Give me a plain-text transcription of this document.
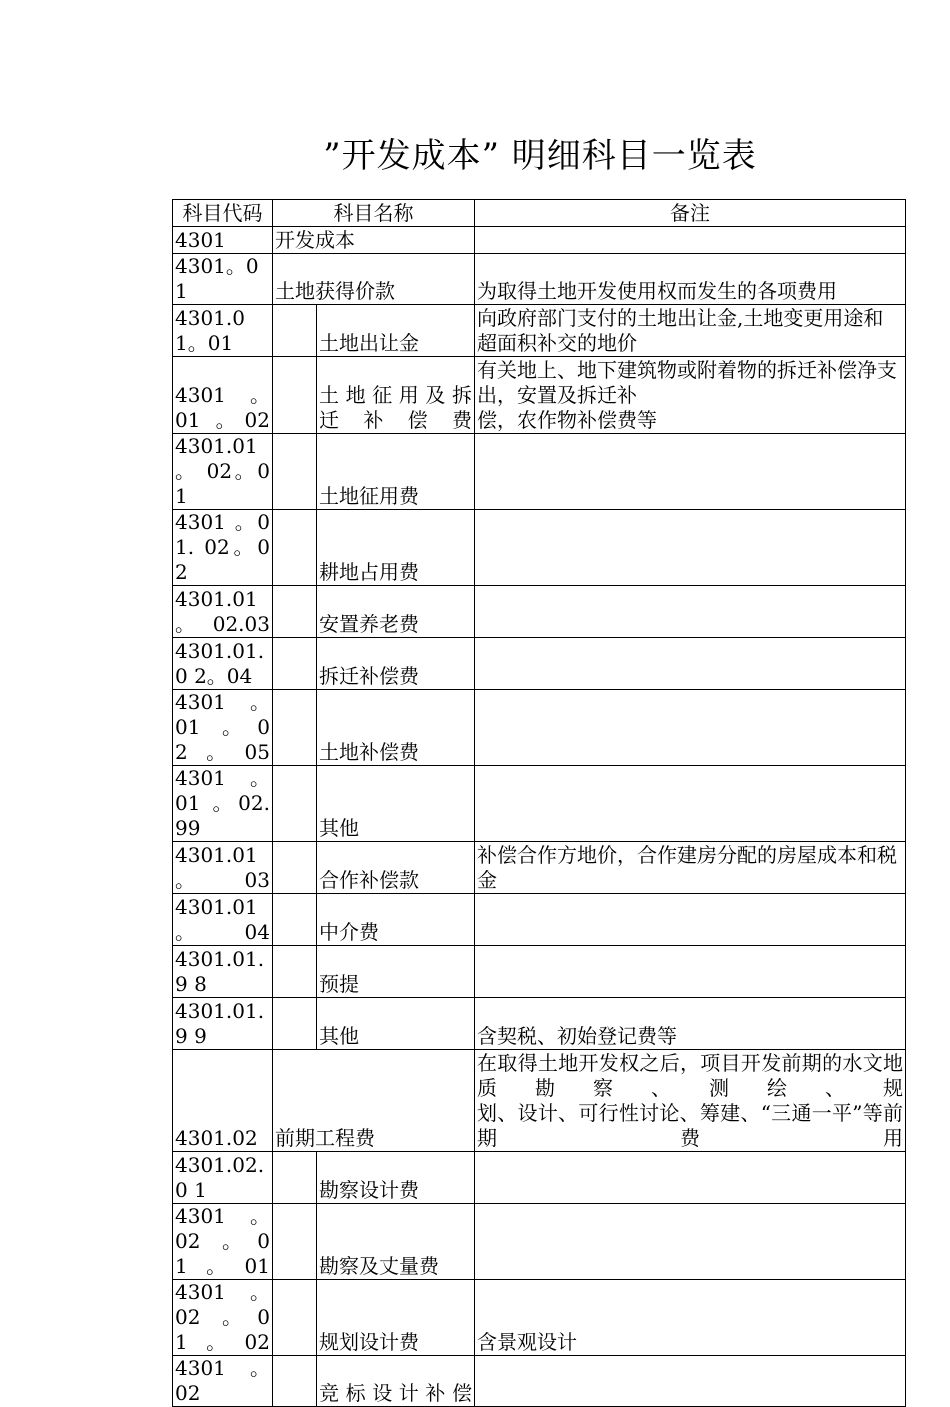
”开发成本” 明细科目一览表
科目代码	科目名称		备注
4301	开发成本		
4301。01	土地获得价款		为取得土地开发使用权而发生的各项费用
4301.01。01		土地出让金	向政府部门支付的土地出让金,土地变更用途和超面积补交的地价
4301 。 01 。02		土 地 征 用 及 拆 迁补偿费	有关地上、地下建筑物或附着物的拆迁补偿净支出，安置及拆迁补
偿，农作物补偿费等
4301.01 。 02。01		土地征用费	
4301 。01. 02。02		耕地占用费	
4301.01 。 02.03		安置养老费	
4301.01.0 2。04		拆迁补偿费	
4301 。 01 。02。05		土地补偿费	
4301 。 01 。02.99		其他	
4301.01 。 03		合作补偿款	补偿合作方地价，合作建房分配的房屋成本和税金
4301.01 。 04		中介费	
4301.01.9 8		预提	
4301.01.9 9		其他	含契税、初始登记费等
4301.02	前期工程费		在取得土地开发权之后，项目开发前期的水文地质勘察、测绘、规
划、设计、可行性讨论、筹建、“三通一平”等前期费用
4301.02.0 1		勘察设计费	
4301 。 02 。01。01		勘察及丈量费	
4301 。 02 。01。02		规划设计费	含景观设计
4301 。 02		竞 标 设 计 补 偿	
